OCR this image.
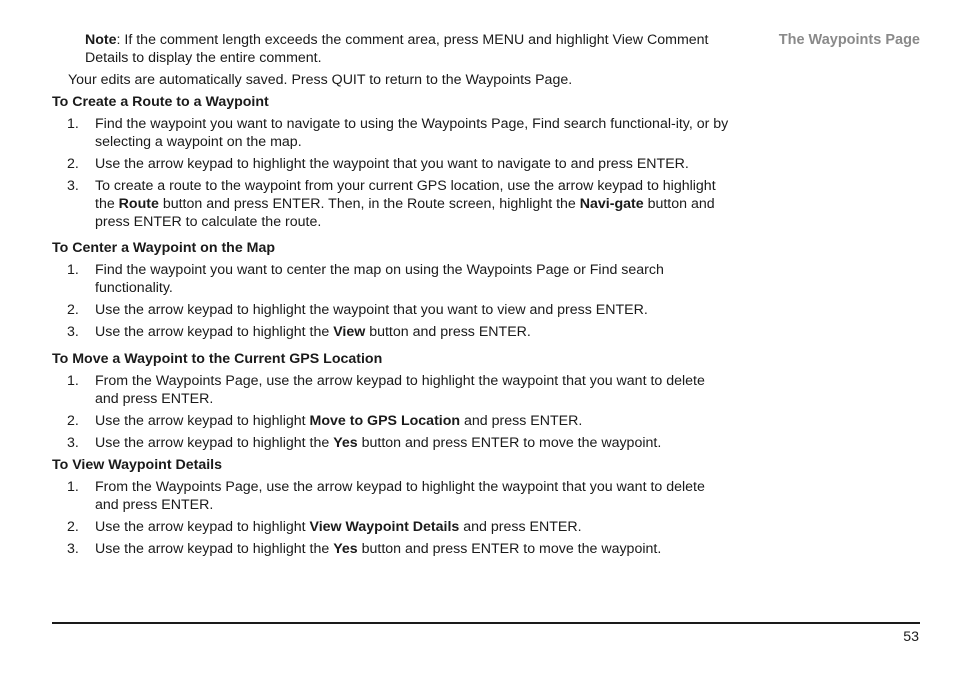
The Waypoints Page
Note: If the comment length exceeds the comment area, press MENU and highlight View Comment Details to display the entire comment.
Your edits are automatically saved. Press QUIT to return to the Waypoints Page.
To Create a Route to a Waypoint
1. Find the waypoint you want to navigate to using the Waypoints Page, Find search functional-ity, or by selecting a waypoint on the map.
2. Use the arrow keypad to highlight the waypoint that you want to navigate to and press ENTER.
3. To create a route to the waypoint from your current GPS location, use the arrow keypad to highlight the Route button and press ENTER. Then, in the Route screen, highlight the Navi-gate button and press ENTER to calculate the route.
To Center a Waypoint on the Map
1. Find the waypoint you want to center the map on using the Waypoints Page or Find search functionality.
2. Use the arrow keypad to highlight the waypoint that you want to view and press ENTER.
3. Use the arrow keypad to highlight the View button and press ENTER.
To Move a Waypoint to the Current GPS Location
1. From the Waypoints Page, use the arrow keypad to highlight the waypoint that you want to delete and press ENTER.
2. Use the arrow keypad to highlight Move to GPS Location and press ENTER.
3. Use the arrow keypad to highlight the Yes button and press ENTER to move the waypoint.
To View Waypoint Details
1. From the Waypoints Page, use the arrow keypad to highlight the waypoint that you want to delete and press ENTER.
2. Use the arrow keypad to highlight View Waypoint Details and press ENTER.
3. Use the arrow keypad to highlight the Yes button and press ENTER to move the waypoint.
53
